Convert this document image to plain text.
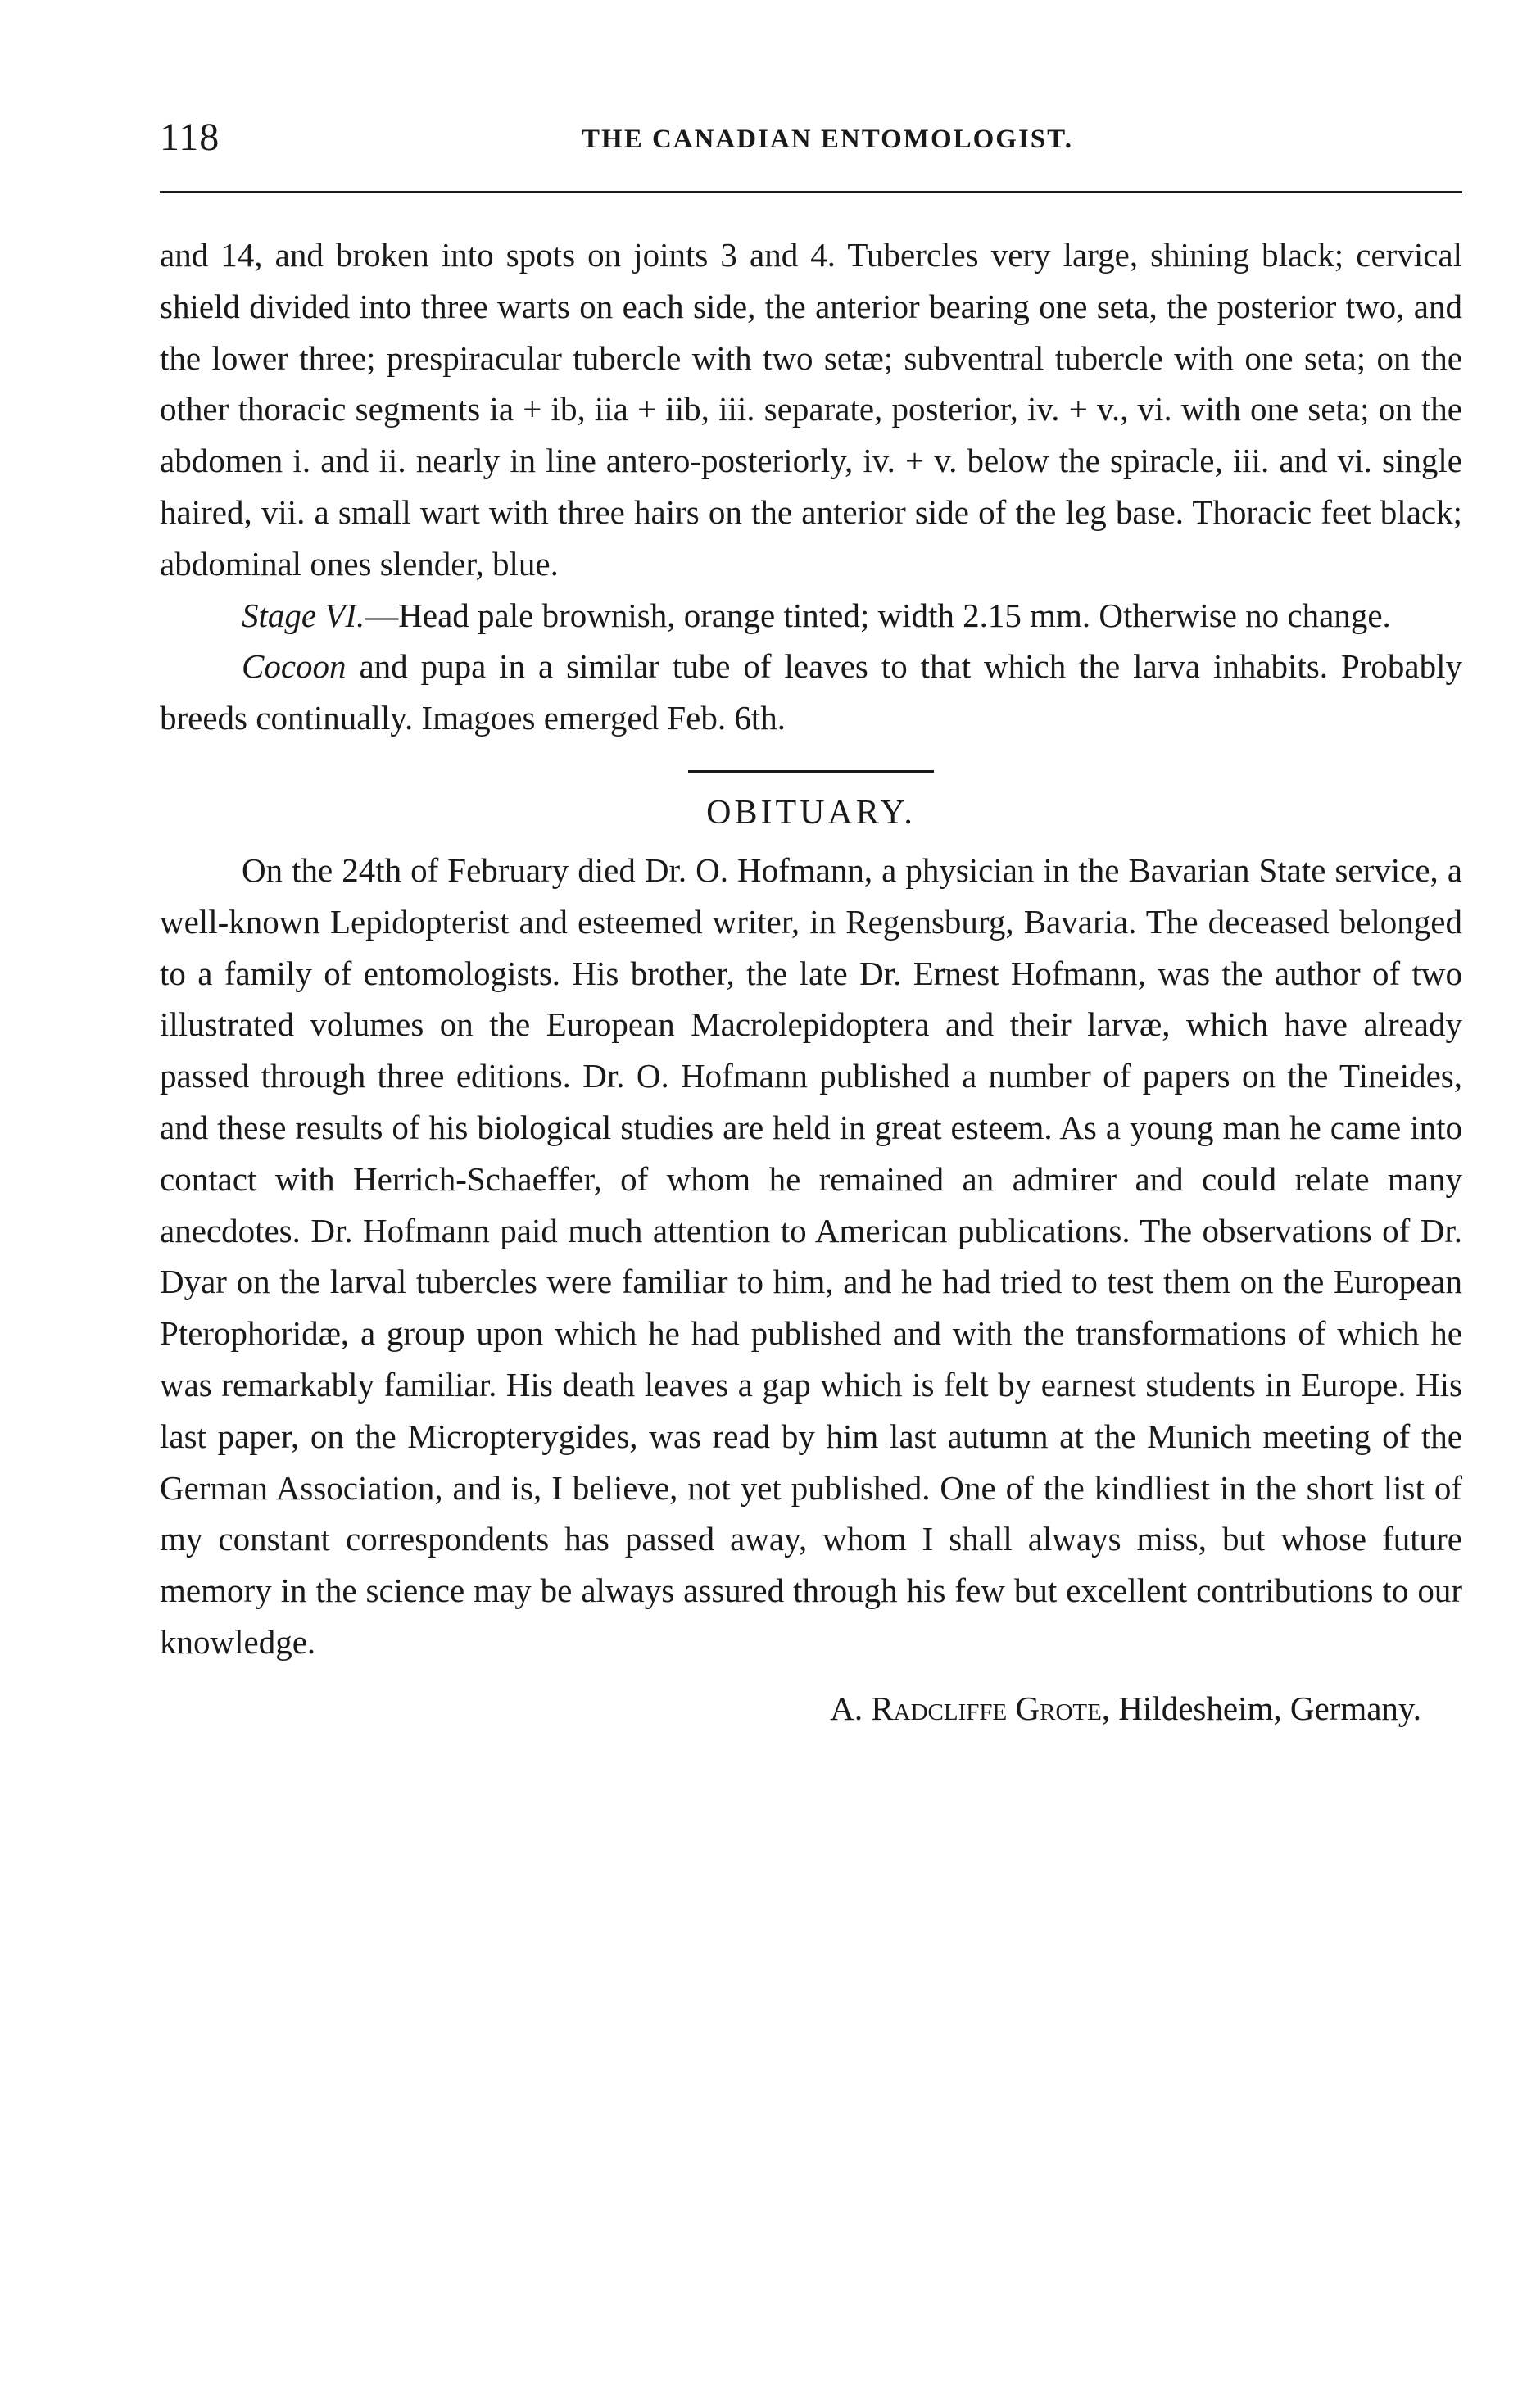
118	THE CANADIAN ENTOMOLOGIST.

and 14, and broken into spots on joints 3 and 4. Tubercles very large, shining black; cervical shield divided into three warts on each side, the anterior bearing one seta, the posterior two, and the lower three; prespiracular tubercle with two setæ; subventral tubercle with one seta; on the other thoracic segments ia + ib, iia + iib, iii. separate, posterior, iv. + v., vi. with one seta; on the abdomen i. and ii. nearly in line antero-posteriorly, iv. + v. below the spiracle, iii. and vi. single haired, vii. a small wart with three hairs on the anterior side of the leg base. Thoracic feet black; abdominal ones slender, blue.

Stage VI.—Head pale brownish, orange tinted; width 2.15 mm. Otherwise no change.

Cocoon and pupa in a similar tube of leaves to that which the larva inhabits. Probably breeds continually. Imagoes emerged Feb. 6th.

OBITUARY.

On the 24th of February died Dr. O. Hofmann, a physician in the Bavarian State service, a well-known Lepidopterist and esteemed writer, in Regensburg, Bavaria. The deceased belonged to a family of entomologists. His brother, the late Dr. Ernest Hofmann, was the author of two illustrated volumes on the European Macrolepidoptera and their larvæ, which have already passed through three editions. Dr. O. Hofmann published a number of papers on the Tineides, and these results of his biological studies are held in great esteem. As a young man he came into contact with Herrich-Schaeffer, of whom he remained an admirer and could relate many anecdotes. Dr. Hofmann paid much attention to American publications. The observations of Dr. Dyar on the larval tubercles were familiar to him, and he had tried to test them on the European Pterophoridæ, a group upon which he had published and with the transformations of which he was remarkably familiar. His death leaves a gap which is felt by earnest students in Europe. His last paper, on the Micropterygides, was read by him last autumn at the Munich meeting of the German Association, and is, I believe, not yet published. One of the kindliest in the short list of my constant correspondents has passed away, whom I shall always miss, but whose future memory in the science may be always assured through his few but excellent contributions to our knowledge.

A. Radcliffe Grote, Hildesheim, Germany.
